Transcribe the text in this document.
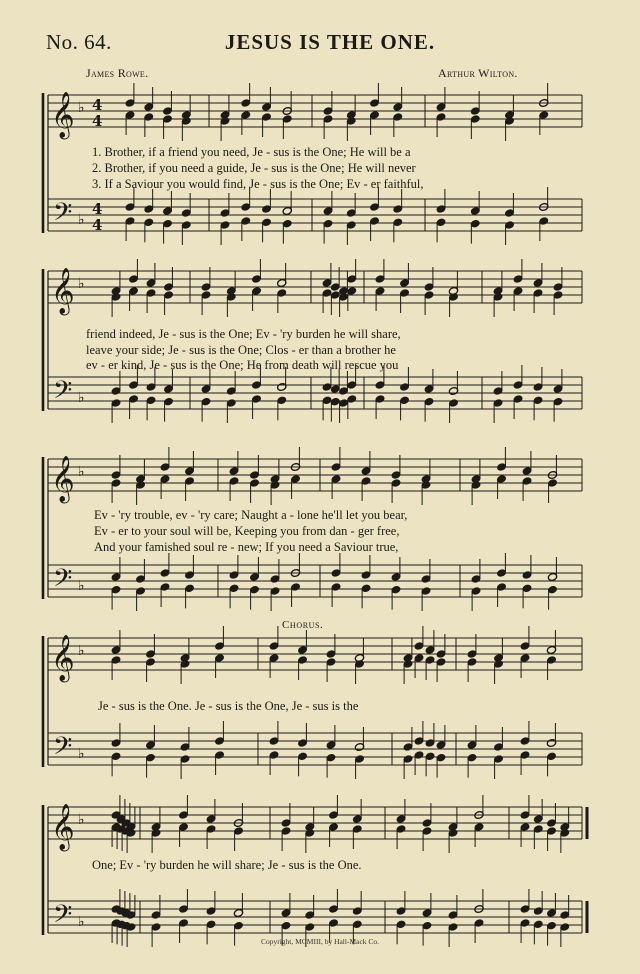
No. 64.	JESUS IS THE ONE.
James Rowe.	Arthur Wilton.
𝄞
𝄢
♭
♭
4
4
4
4
𝄞
𝄢
♭
♭
𝄞
𝄢
♭
♭
𝄞
𝄢
♭
♭
𝄞
𝄢
♭
♭
1. Brother, if a friend you need, Je - sus is the One; He will be a
2. Brother, if you need a guide, Je - sus is the One; He will never
3. If a Saviour you would find, Je - sus is the One; Ev - er faithful,
friend indeed, Je - sus is the One; Ev - 'ry burden he will share,
leave your side; Je - sus is the One; Clos - er than a brother he
ev - er kind, Je - sus is the One; He from death will rescue you
Ev - 'ry trouble, ev - 'ry care; Naught a - lone he'll let you bear,
Ev - er to your soul will be, Keeping you from dan - ger free,
And your famished soul re - new; If you need a Saviour true,
Chorus.
Je - sus is the One. Je - sus is the One, Je - sus is the
One; Ev - 'ry burden he will share; Je - sus is the One.
Copyright, MCMIII, by Hall-Mack Co.
